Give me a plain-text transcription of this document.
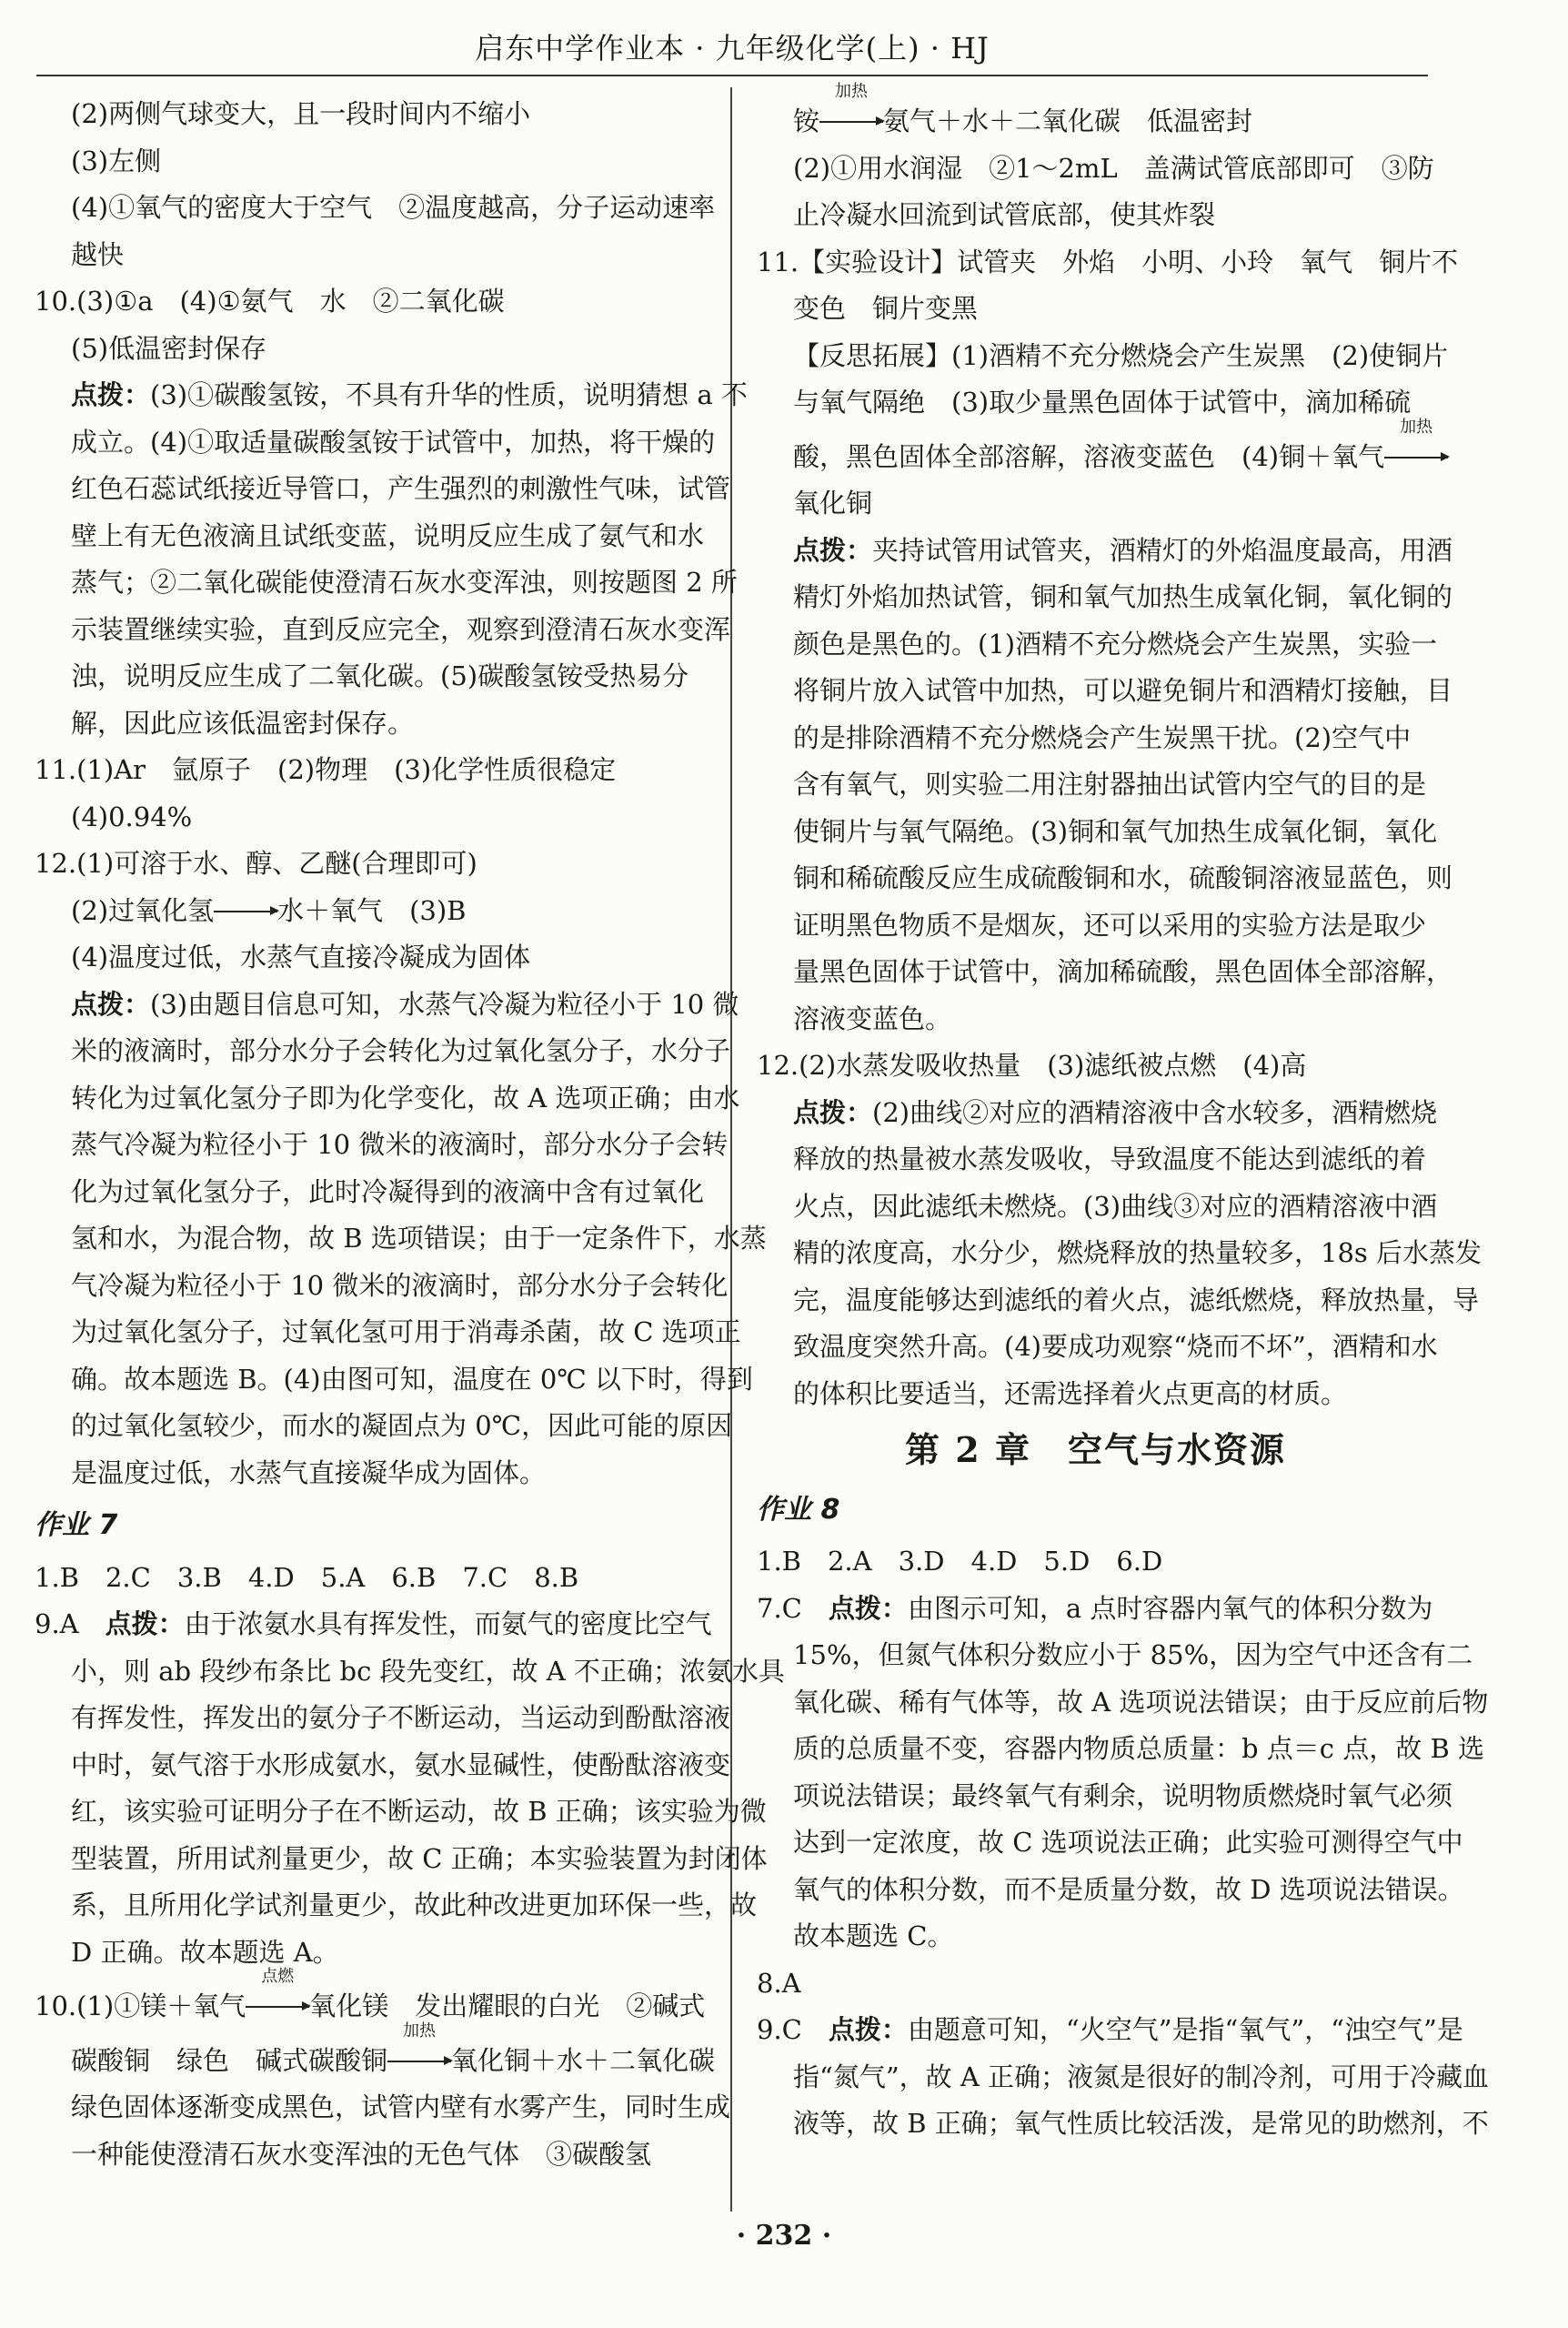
启东中学作业本 · 九年级化学(上) · HJ
(2)两侧气球变大，且一段时间内不缩小
(3)左侧
(4)①氧气的密度大于空气　②温度越高，分子运动速率
越快
10.(3)①a　(4)①氨气　水　②二氧化碳
(5)低温密封保存
点拨：(3)①碳酸氢铵，不具有升华的性质，说明猜想 a 不
成立。(4)①取适量碳酸氢铵于试管中，加热，将干燥的
红色石蕊试纸接近导管口，产生强烈的刺激性气味，试管
壁上有无色液滴且试纸变蓝，说明反应生成了氨气和水
蒸气；②二氧化碳能使澄清石灰水变浑浊，则按题图 2 所
示装置继续实验，直到反应完全，观察到澄清石灰水变浑
浊，说明反应生成了二氧化碳。(5)碳酸氢铵受热易分
解，因此应该低温密封保存。
11.(1)Ar　氩原子　(2)物理　(3)化学性质很稳定
(4)0.94%
12.(1)可溶于水、醇、乙醚(合理即可)
(2)过氧化氢 水＋氧气　(3)B
(4)温度过低，水蒸气直接冷凝成为固体
点拨：(3)由题目信息可知，水蒸气冷凝为粒径小于 10 微
米的液滴时，部分水分子会转化为过氧化氢分子，水分子
转化为过氧化氢分子即为化学变化，故 A 选项正确；由水
蒸气冷凝为粒径小于 10 微米的液滴时，部分水分子会转
化为过氧化氢分子，此时冷凝得到的液滴中含有过氧化
氢和水，为混合物，故 B 选项错误；由于一定条件下，水蒸
气冷凝为粒径小于 10 微米的液滴时，部分水分子会转化
为过氧化氢分子，过氧化氢可用于消毒杀菌，故 C 选项正
确。故本题选 B。(4)由图可知，温度在 0℃ 以下时，得到
的过氧化氢较少，而水的凝固点为 0℃，因此可能的原因
是温度过低，水蒸气直接凝华成为固体。
作业 7
1.B　2.C　3.B　4.D　5.A　6.B　7.C　8.B
9.A　点拨：由于浓氨水具有挥发性，而氨气的密度比空气
小，则 ab 段纱布条比 bc 段先变红，故 A 不正确；浓氨水具
有挥发性，挥发出的氨分子不断运动，当运动到酚酞溶液
中时，氨气溶于水形成氨水，氨水显碱性，使酚酞溶液变
红，该实验可证明分子在不断运动，故 B 正确；该实验为微
型装置，所用试剂量更少，故 C 正确；本实验装置为封闭体
系，且所用化学试剂量更少，故此种改进更加环保一些，故
D 正确。故本题选 A。
10.(1)①镁＋氧气
点燃
氧化镁　发出耀眼的白光　②碱式
碳酸铜　绿色　碱式碳酸铜
加热
氧化铜＋水＋二氧化碳
绿色固体逐渐变成黑色，试管内壁有水雾产生，同时生成
一种能使澄清石灰水变浑浊的无色气体　③碳酸氢
铵
加热
氨气＋水＋二氧化碳　低温密封
(2)①用水润湿　②1～2mL　盖满试管底部即可　③防
止冷凝水回流到试管底部，使其炸裂
11.【实验设计】试管夹　外焰　小明、小玲　氧气　铜片不
变色　铜片变黑
【反思拓展】(1)酒精不充分燃烧会产生炭黑　(2)使铜片
与氧气隔绝　(3)取少量黑色固体于试管中，滴加稀硫
酸，黑色固体全部溶解，溶液变蓝色　(4)铜＋氧气
加热
氧化铜
点拨：夹持试管用试管夹，酒精灯的外焰温度最高，用酒
精灯外焰加热试管，铜和氧气加热生成氧化铜，氧化铜的
颜色是黑色的。(1)酒精不充分燃烧会产生炭黑，实验一
将铜片放入试管中加热，可以避免铜片和酒精灯接触，目
的是排除酒精不充分燃烧会产生炭黑干扰。(2)空气中
含有氧气，则实验二用注射器抽出试管内空气的目的是
使铜片与氧气隔绝。(3)铜和氧气加热生成氧化铜，氧化
铜和稀硫酸反应生成硫酸铜和水，硫酸铜溶液显蓝色，则
证明黑色物质不是烟灰，还可以采用的实验方法是取少
量黑色固体于试管中，滴加稀硫酸，黑色固体全部溶解，
溶液变蓝色。
12.(2)水蒸发吸收热量　(3)滤纸被点燃　(4)高
点拨：(2)曲线②对应的酒精溶液中含水较多，酒精燃烧
释放的热量被水蒸发吸收，导致温度不能达到滤纸的着
火点，因此滤纸未燃烧。(3)曲线③对应的酒精溶液中酒
精的浓度高，水分少，燃烧释放的热量较多，18s 后水蒸发
完，温度能够达到滤纸的着火点，滤纸燃烧，释放热量，导
致温度突然升高。(4)要成功观察“烧而不坏”，酒精和水
的体积比要适当，还需选择着火点更高的材质。
第 2 章　空气与水资源
作业 8
1.B　2.A　3.D　4.D　5.D　6.D
7.C　点拨：由图示可知，a 点时容器内氧气的体积分数为
15%，但氮气体积分数应小于 85%，因为空气中还含有二
氧化碳、稀有气体等，故 A 选项说法错误；由于反应前后物
质的总质量不变，容器内物质总质量：b 点＝c 点，故 B 选
项说法错误；最终氧气有剩余，说明物质燃烧时氧气必须
达到一定浓度，故 C 选项说法正确；此实验可测得空气中
氧气的体积分数，而不是质量分数，故 D 选项说法错误。
故本题选 C。
8.A
9.C　点拨：由题意可知，“火空气”是指“氧气”，“浊空气”是
指“氮气”，故 A 正确；液氮是很好的制冷剂，可用于冷藏血
液等，故 B 正确；氧气性质比较活泼，是常见的助燃剂，不
· 232 ·
